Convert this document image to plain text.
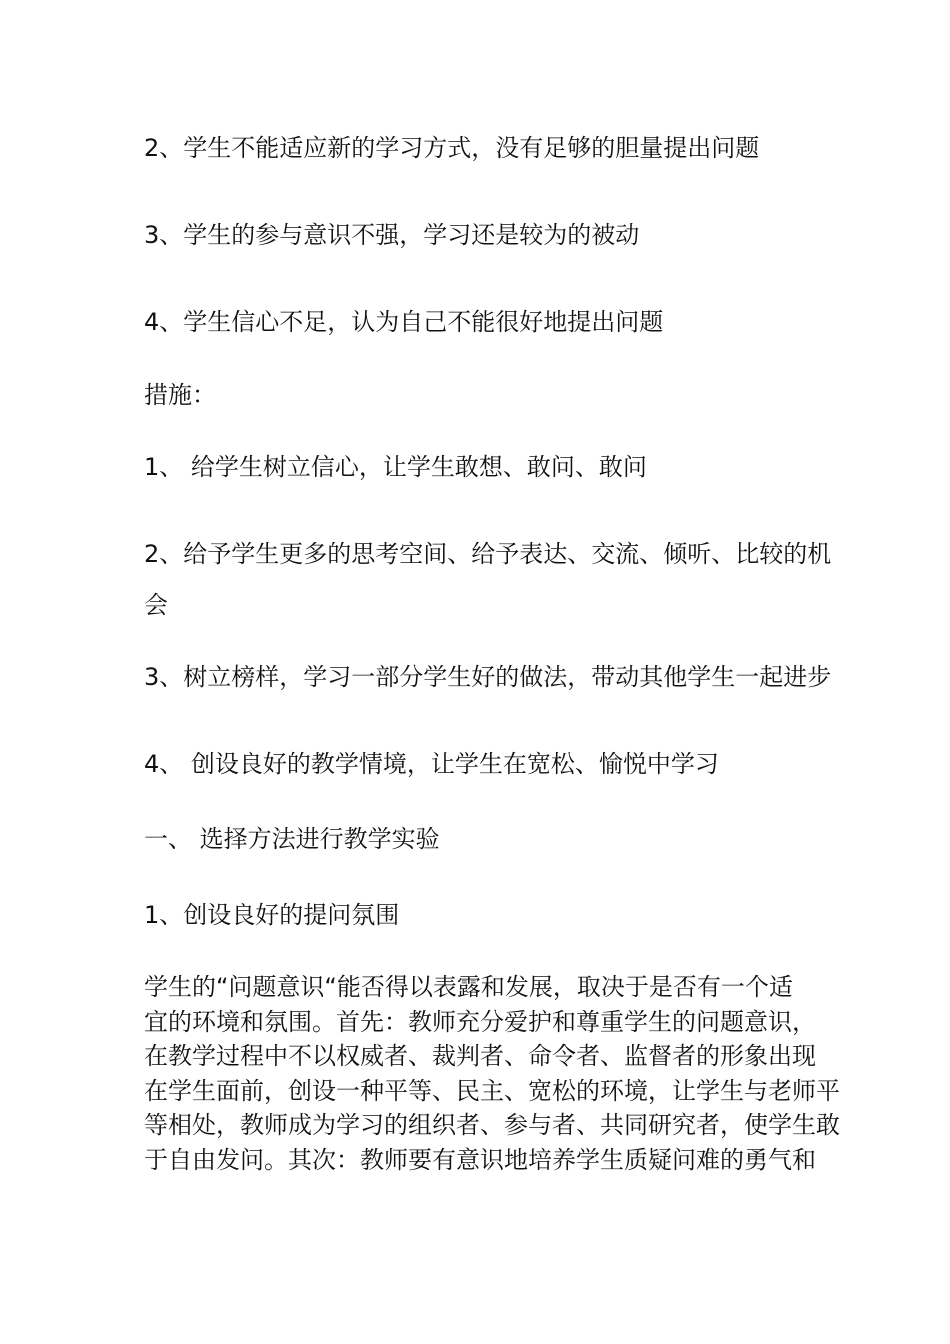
2、学生不能适应新的学习方式，没有足够的胆量提出问题
3、学生的参与意识不强，学习还是较为的被动
4、学生信心不足，认为自己不能很好地提出问题
措施：
1、 给学生树立信心，让学生敢想、敢问、敢问
2、给予学生更多的思考空间、给予表达、交流、倾听、比较的机
会
3、树立榜样，学习一部分学生好的做法，带动其他学生一起进步
4、 创设良好的教学情境，让学生在宽松、愉悦中学习
一、 选择方法进行教学实验
1、创设良好的提问氛围
学生的“问题意识“能否得以表露和发展，取决于是否有一个适
宜的环境和氛围。首先：教师充分爱护和尊重学生的问题意识，
在教学过程中不以权威者、裁判者、命令者、监督者的形象出现
在学生面前，创设一种平等、民主、宽松的环境，让学生与老师平
等相处，教师成为学习的组织者、参与者、共同研究者，使学生敢
于自由发问。其次：教师要有意识地培养学生质疑问难的勇气和
